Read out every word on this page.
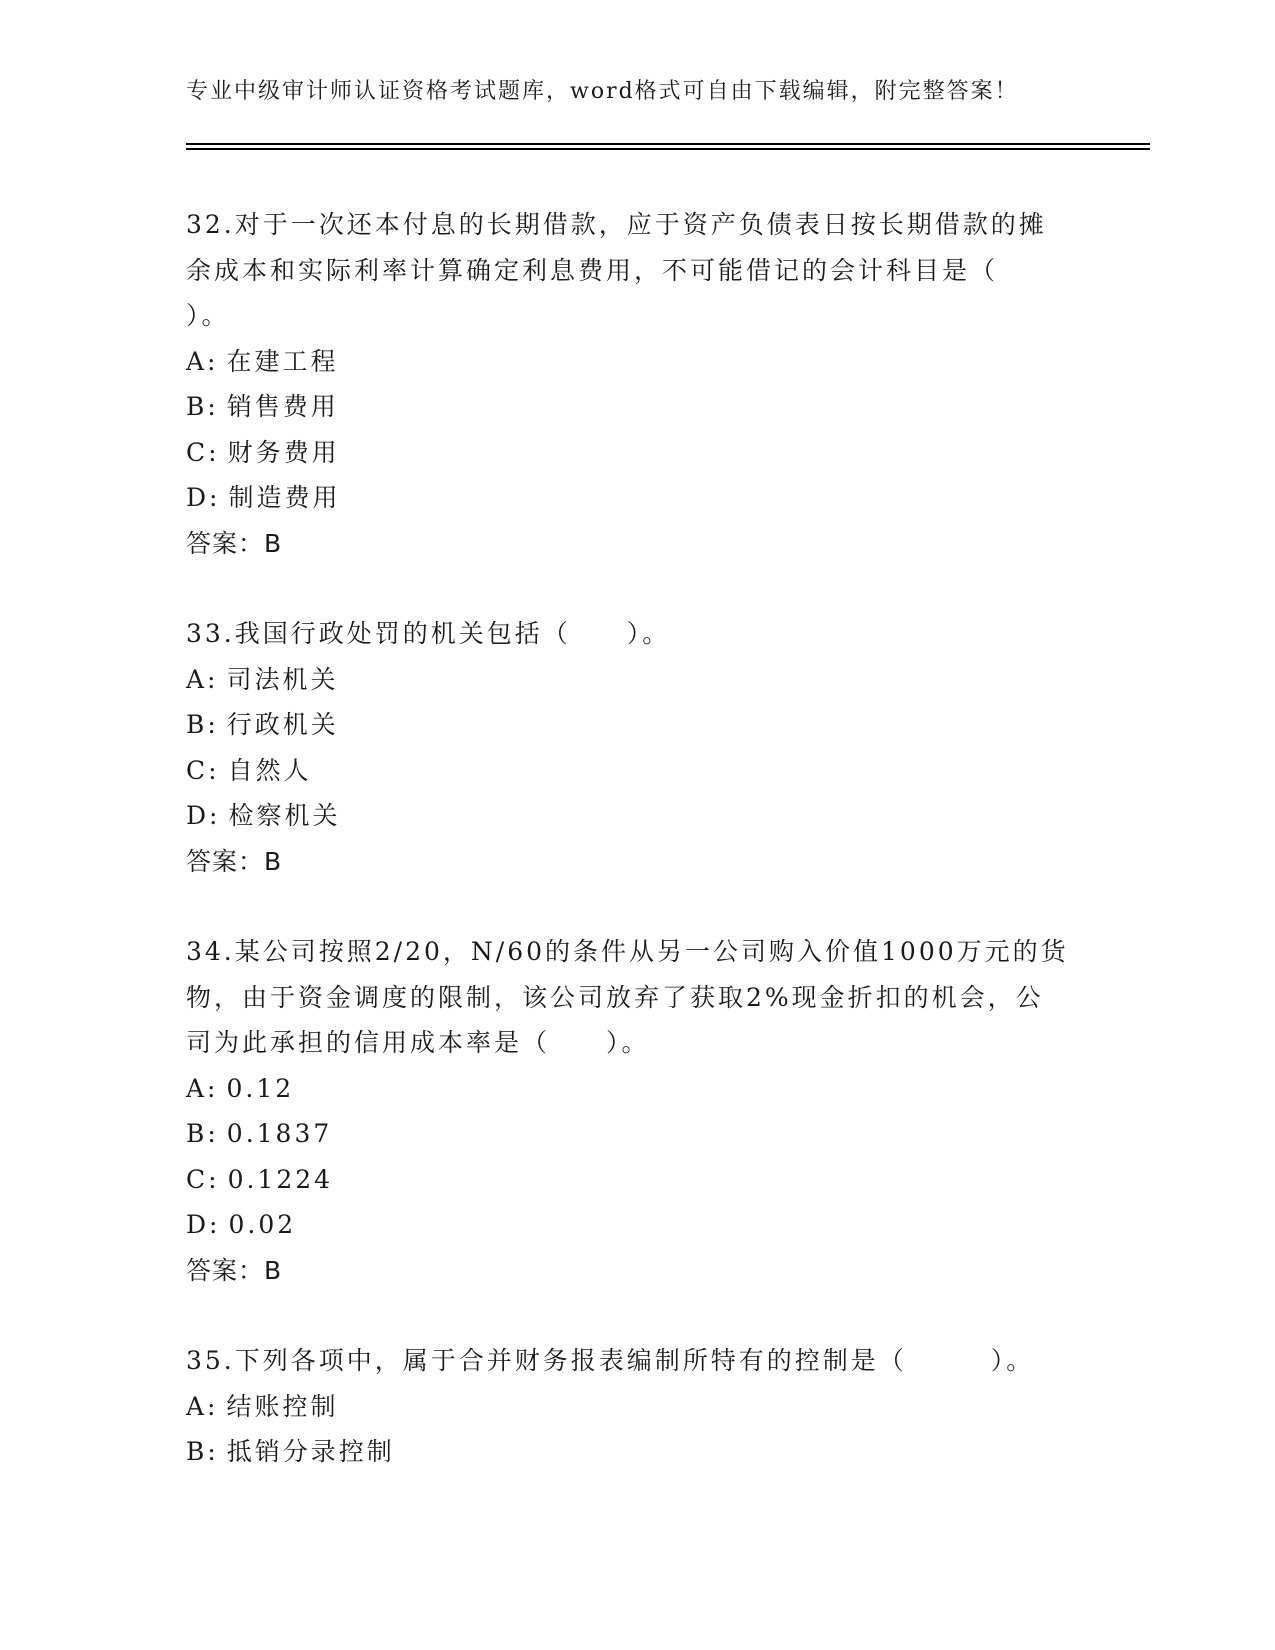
专业中级审计师认证资格考试题库，word格式可自由下载编辑，附完整答案！

32.对于一次还本付息的长期借款，应于资产负债表日按长期借款的摊

余成本和实际利率计算确定利息费用，不可能借记的会计科目是（

）。

A: 在建工程

B: 销售费用

C: 财务费用

D: 制造费用

答案：B

33.我国行政处罚的机关包括（　　）。

A: 司法机关

B: 行政机关

C: 自然人

D: 检察机关

答案：B

34.某公司按照2/20，N/60的条件从另一公司购入价值1000万元的货

物，由于资金调度的限制，该公司放弃了获取2%现金折扣的机会，公

司为此承担的信用成本率是（　　）。

A: 0.12

B: 0.1837

C: 0.1224

D: 0.02

答案：B

35.下列各项中，属于合并财务报表编制所特有的控制是（　　　）。

A: 结账控制

B: 抵销分录控制
